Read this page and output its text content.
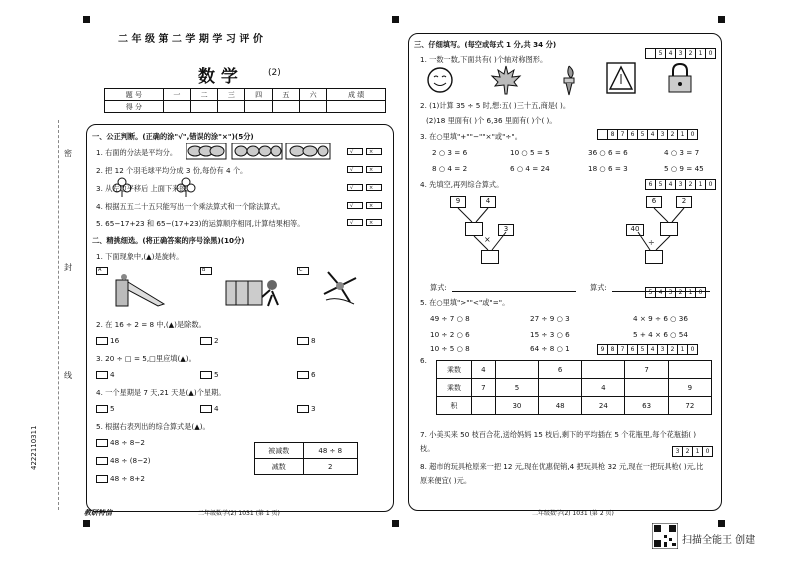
密
封
线
4222110311
二 年 级 第 二 学 期 学 习 评 价
数 学	(2)
题 号	一	二	三	四	五	六	成 绩
得 分							
一、公正判断。(正确的涂"√",错误的涂"×")(5分)
1. 右面的分法是平均分。
2. 把 12 个羽毛球平均分成 3 份,每份有 4 个。
3. 从左边平移后 上面下来的。
4. 根据五五二十五只能写出一个乘法算式和一个除法算式。
5. 65−17+23 和 65−(17+23)的运算顺序相同,计算结果相等。
√	×
√	×
√	×
√	×
√	×
二、精挑细选。(将正确答案的序号涂黑)(10分)
1. 下面现象中,(▲)是旋转。
A	B	C
2. 在 16 ÷ 2 = 8 中,(▲)是除数。
16	2	8
3. 20 ÷ □ = 5,□里应填(▲)。
4	5	6
4. 一个星期是 7 天,21 天是(▲)个星期。
5	4	3
5. 根据右表列出的综合算式是(▲)。
48 ÷ 8−2
48 ÷ (8−2)
48 ÷ 8+2
被减数	48 ÷ 8
减数	2
三、仔细填写。(每空或每式 1 分,共 34 分)
5	4	3	2	1	0
1. 一数一数,下面共有( )个轴对称图形。
2. (1)计算 35 ÷ 5 时,想:五( )三十五,商是( )。
(2)18 里面有( )个 6,36 里面有( )个( )。
8	7	6	5	4	3	2	1	0
3. 在○里填"+""−""×"或"÷"。
2 ○ 3 = 6	10 ○ 5 = 5	36 ○ 6 = 6	4 ○ 3 = 7
8 ○ 4 = 2	6 ○ 4 = 24	18 ○ 6 = 3	5 ○ 9 = 45
6	5	4	3	2	1	0
4. 先填空,再列综合算式。
9	4
×
3
6	2
40
÷
算式:	算式:
5	4	3	2	1	0
5. 在○里填">""<"或"="。
49 ÷ 7 ○ 8	27 ÷ 9 ○ 3	4 × 9 ÷ 6 ○ 36
10 ÷ 2 ○ 6	15 ÷ 3 ○ 6	5 + 4 × 6 ○ 54
10 ÷ 5 ○ 8	64 ÷ 8 ○ 1	9	8	7	6	5	4	3	2	1	0
6.
乘数	4		6		7	
乘数	7	5		4		9
积		30	48	24	63	72
7. 小美买来 50 枝百合花,送给妈妈 15 枝后,剩下的平均插在 5 个花瓶里,每个花瓶插( )枝。	3	2	1	0
8. 超市的玩具枪原来一把 12 元,现在优惠促销,4 把玩具枪 32 元,现在一把玩具枪( )元,比原来便宜( )元。
教研特信	二年级数学(2) 1031 (第 1 页)	二年级数学(2) 1031 (第 2 页)
扫描全能王 创建
